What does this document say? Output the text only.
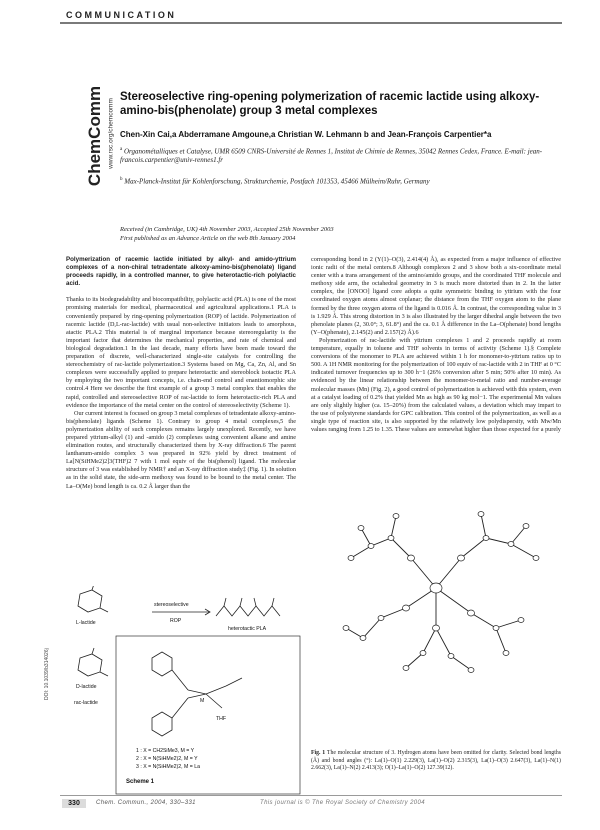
COMMUNICATION
ChemComm www.rsc.org/chemcomm
Stereoselective ring-opening polymerization of racemic lactide using alkoxy-amino-bis(phenolate) group 3 metal complexes
Chen-Xin Cai,a Abderramane Amgoune,a Christian W. Lehmann b and Jean-François Carpentier*a
$^a$ Organométalliques et Catalyse, UMR 6509 CNRS-Université de Rennes 1, Institut de Chimie de Rennes, 35042 Rennes Cedex, France. E-mail: jean-francois.carpentier@univ-rennes1.fr
$^b$ Max-Planck-Institut für Kohlenforschung, Strukturchemie, Postfach 101353, 45466 Mülheim/Ruhr, Germany
Received (in Cambridge, UK) 4th November 2003, Accepted 25th November 2003
First published as an Advance Article on the web 8th January 2004

Polymerization of racemic lactide initiated by alkyl- and amido-yttrium complexes of a non-chiral tetradentate alkoxy-amino-bis(phenolate) ligand proceeds rapidly, in a controlled manner, to give heterotactic-rich polylactic acid.

Thanks to its biodegradability and biocompatibility, polylactic acid (PLA) is one of the most promising materials for medical, pharmaceutical and agricultural applications.1 PLA is conveniently prepared by ring-opening polymerization (ROP) of lactide. Polymerization of racemic lactide (D,L-rac-lactide) with usual non-selective initiators leads to amorphous, atactic PLA.2 This material is of marginal importance because stereoregularity is the important factor that determines the mechanical properties, and rate of chemical and biological degradation.1 In the last decade, many efforts have been made toward the preparation of discrete, well-characterized single-site catalysts for controlling the stereochemistry of rac-lactide polymerization.3 Systems based on Mg, Ca, Zn, Al, and Sn complexes were successfully applied to prepare heterotactic and stereoblock isotactic PLA by employing the two important concepts, i.e. chain-end control and enantiomorphic site control.4 Here we describe the first example of a group 3 metal complex that enables the rapid, controlled and stereoselective ROP of rac-lactide to form heterotactic-rich PLA and evidence the importance of the metal center on the control of stereoselectivity (Scheme 1).

Our current interest is focused on group 3 metal complexes of tetradentate alkoxy-amino-bis(phenolate) ligands (Scheme 1). Contrary to group 4 metal complexes,5 the polymerization ability of such complexes remains largely unexplored. Recently, we have prepared yttrium-alkyl (1) and -amido (2) complexes using convenient alkane and amine elimination routes, and structurally characterized them by X-ray diffraction.6 The parent lanthanum-amido complex 3 was prepared in 92% yield by direct treatment of La[N(SiHMe2)2]3(THF)2 7 with 1 mol equiv of the bis(phenol) ligand. The molecular structure of 3 was established by NMR† and an X-ray diffraction study‡ (Fig. 1). In solution as in the solid state, the side-arm methoxy was found to be bound to the metal center. The La–O(Me) bond length is ca. 0.2 Å larger than the

corresponding bond in 2 (Y(1)–O(3), 2.414(4) Å), as expected from a major influence of effective ionic radii of the metal centers.8 Although complexes 2 and 3 show both a six-coordinate metal center with a trans arrangement of the amino/amido groups, and the coordinated THF molecule and methoxy side arm, the octahedral geometry in 3 is much more distorted than in 2. In the latter complex, the [ONOO] ligand core adopts a quite symmetric binding to yttrium with the four coordinated oxygen atoms almost coplanar; the distance from the THF oxygen atom to the plane formed by the three oxygen atoms of the ligand is 0.016 Å. In contrast, the corresponding value in 3 is 1.929 Å. This strong distortion in 3 is also illustrated by the larger dihedral angle between the two phenolate planes (2, 30.0°; 3, 61.8°) and the ca. 0.1 Å difference in the La–O(phenate) bond lengths (Y–O(phenate), 2.145(2) and 2.157(2) Å).6

Polymerization of rac-lactide with yttrium complexes 1 and 2 proceeds rapidly at room temperature, equally in toluene and THF solvents in terms of activity (Scheme 1).§ Complete conversions of the monomer to PLA are achieved within 1 h for monomer-to-yttrium ratios up to 500. A 1H NMR monitoring for the polymerization of 100 equiv of rac-lactide with 2 in THF at 0 °C indicated turnover frequencies up to 300 h−1 (26% conversion after 5 min; 50% after 10 min). As evidenced by the linear relationship between the monomer-to-metal ratio and number-average molecular masses (Mn) (Fig. 2), a good control of polymerization is achieved with this system, even at a catalyst loading of 0.2% that yielded Mn as high as 90 kg mol−1. The experimental Mn values are only slightly higher (ca. 15–20%) from the calculated values, a deviation which may impart to the use of polystyrene standards for GPC calibration. This control of the polymerization, as well as a single type of reaction site, is also supported by the relatively low polydispersity, with Mw/Mn values ranging from 1.25 to 1.35. These values are somewhat higher than those expected for a purely

L-lactide
D-lactide
rac-lactide
stereoselective
ROP
heterotactic PLA
M
THF
1 : X = CH2SiMe3, M = Y
2 : X = N(SiHMe2)2, M = Y
3 : X = N(SiHMe2)2, M = La
Scheme 1
Fig. 1 The molecular structure of 3. Hydrogen atoms have been omitted for clarity. Selected bond lengths (Å) and bond angles (°): La(1)–O(1) 2.229(3), La(1)–O(2) 2.315(3), La(1)–O(3) 2.647(3), La(1)–N(1) 2.662(3), La(1)–N(2) 2.413(3); O(1)–La(1)–O(2) 127.39(12).
DOI: 10.1039/b314026j
330	Chem. Commun., 2004, 330–331	This journal is © The Royal Society of Chemistry 2004
